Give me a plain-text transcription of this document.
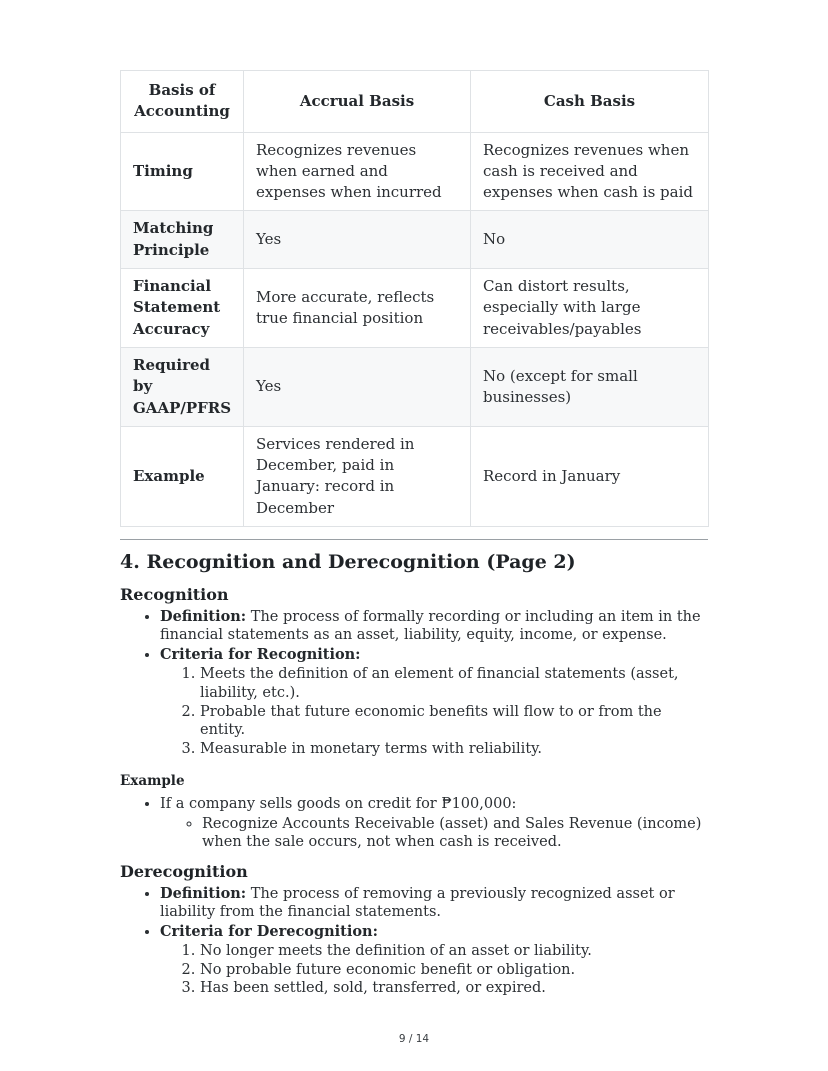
Basis of Accounting	Accrual Basis	Cash Basis
Timing	Recognizes revenues when earned and expenses when incurred	Recognizes revenues when cash is received and expenses when cash is paid
Matching Principle	Yes	No
Financial Statement Accuracy	More accurate, reflects true financial position	Can distort results, especially with large receivables/payables
Required by GAAP/PFRS	Yes	No (except for small businesses)
Example	Services rendered in December, paid in January: record in December	Record in January
4. Recognition and Derecognition (Page 2)
Recognition
• Definition: The process of formally recording or including an item in the financial statements as an asset, liability, equity, income, or expense.
• Criteria for Recognition:
1. Meets the definition of an element of financial statements (asset, liability, etc.).
2. Probable that future economic benefits will flow to or from the entity.
3. Measurable in monetary terms with reliability.
Example
• If a company sells goods on credit for ₱100,000:
◦ Recognize Accounts Receivable (asset) and Sales Revenue (income) when the sale occurs, not when cash is received.
Derecognition
• Definition: The process of removing a previously recognized asset or liability from the financial statements.
• Criteria for Derecognition:
1. No longer meets the definition of an asset or liability.
2. No probable future economic benefit or obligation.
3. Has been settled, sold, transferred, or expired.
9 / 14
